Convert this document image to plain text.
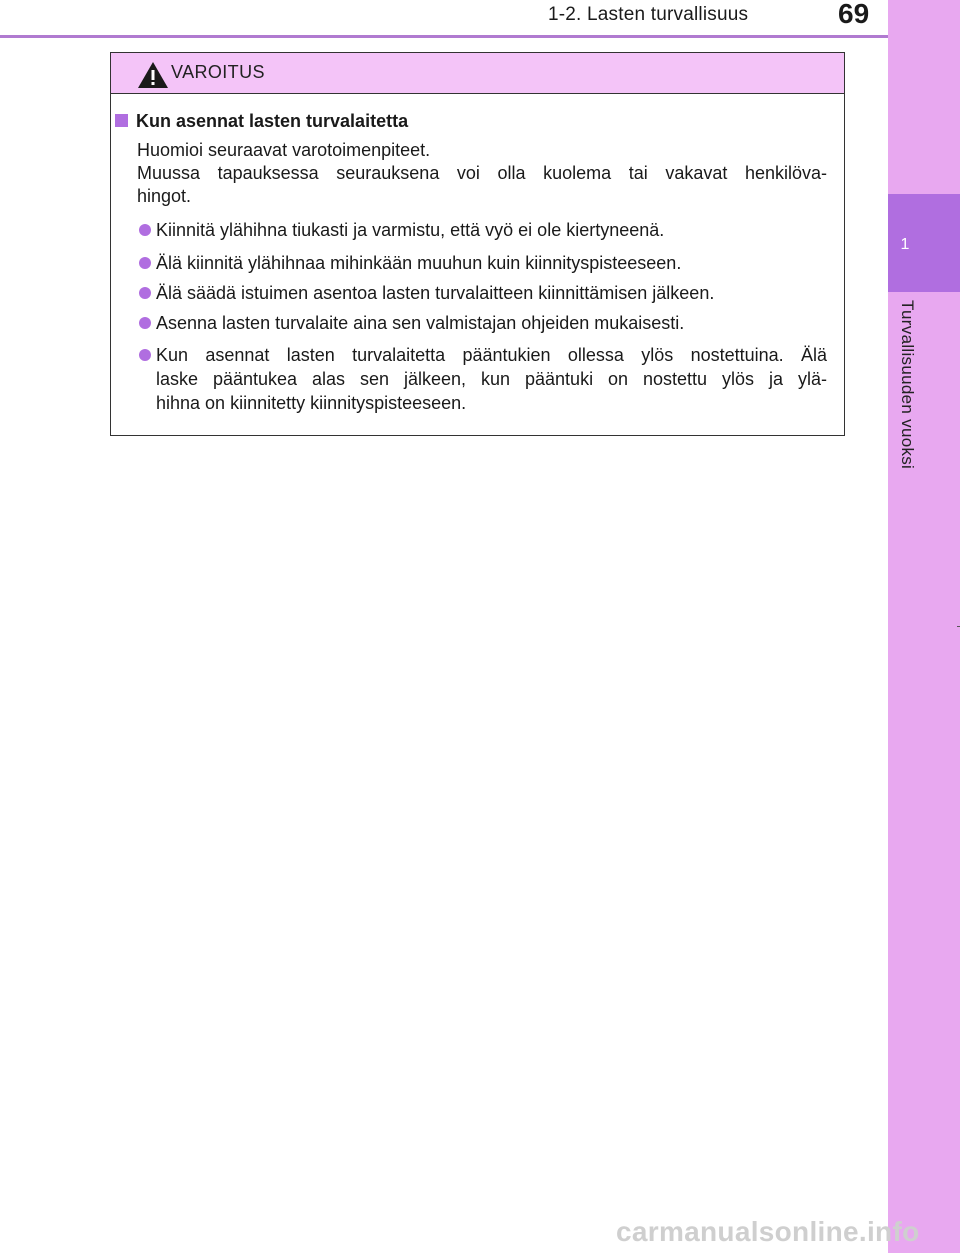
1-2. Lasten turvallisuus	69
1
Turvallisuuden vuoksi
VAROITUS
Kun asennat lasten turvalaitetta
Huomioi seuraavat varotoimenpiteet.
Muussa tapauksessa seurauksena voi olla kuolema tai vakavat henkilöva-
hingot.
Kiinnitä ylähihna tiukasti ja varmistu, että vyö ei ole kiertyneenä.
Älä kiinnitä ylähihnaa mihinkään muuhun kuin kiinnityspisteeseen.
Älä säädä istuimen asentoa lasten turvalaitteen kiinnittämisen jälkeen.
Asenna lasten turvalaite aina sen valmistajan ohjeiden mukaisesti.
Kun asennat lasten turvalaitetta pääntukien ollessa ylös nostettuina. Älä
laske pääntukea alas sen jälkeen, kun pääntuki on nostettu ylös ja ylä-
hihna on kiinnitetty kiinnityspisteeseen.
carmanualsonline.info
